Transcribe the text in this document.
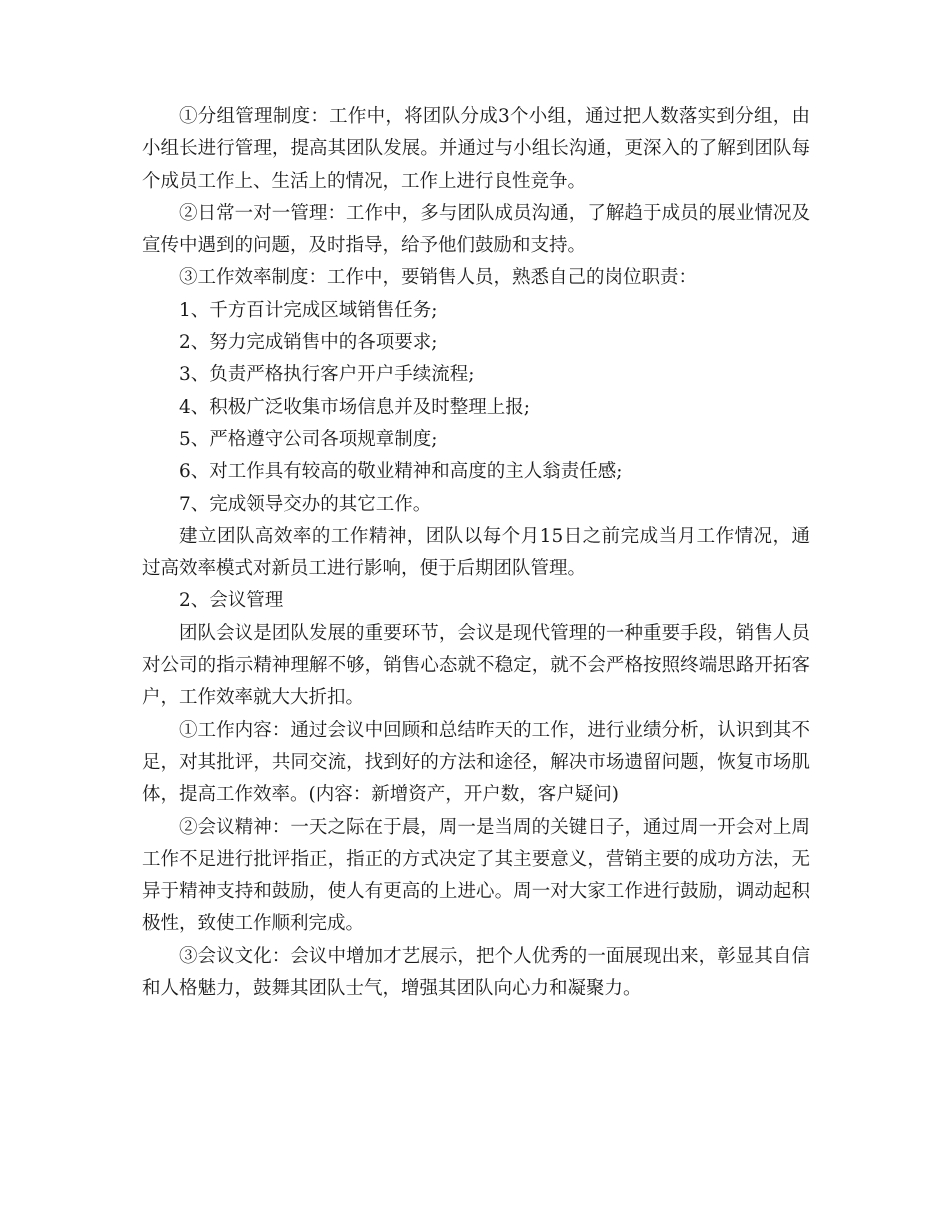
①分组管理制度：工作中，将团队分成3个小组，通过把人数落实到分组，由小组长进行管理，提高其团队发展。并通过与小组长沟通，更深入的了解到团队每个成员工作上、生活上的情况，工作上进行良性竞争。

②日常一对一管理：工作中，多与团队成员沟通，了解趋于成员的展业情况及宣传中遇到的问题，及时指导，给予他们鼓励和支持。

③工作效率制度：工作中，要销售人员，熟悉自己的岗位职责：

1、千方百计完成区域销售任务;

2、努力完成销售中的各项要求;

3、负责严格执行客户开户手续流程;

4、积极广泛收集市场信息并及时整理上报;

5、严格遵守公司各项规章制度;

6、对工作具有较高的敬业精神和高度的主人翁责任感;

7、完成领导交办的其它工作。

建立团队高效率的工作精神，团队以每个月15日之前完成当月工作情况，通过高效率模式对新员工进行影响，便于后期团队管理。

2、会议管理

团队会议是团队发展的重要环节，会议是现代管理的一种重要手段，销售人员对公司的指示精神理解不够，销售心态就不稳定，就不会严格按照终端思路开拓客户，工作效率就大大折扣。

①工作内容：通过会议中回顾和总结昨天的工作，进行业绩分析，认识到其不足，对其批评，共同交流，找到好的方法和途径，解决市场遗留问题，恢复市场肌体，提高工作效率。(内容：新增资产，开户数，客户疑问)

②会议精神：一天之际在于晨，周一是当周的关键日子，通过周一开会对上周工作不足进行批评指正，指正的方式决定了其主要意义，营销主要的成功方法，无异于精神支持和鼓励，使人有更高的上进心。周一对大家工作进行鼓励，调动起积极性，致使工作顺利完成。

③会议文化：会议中增加才艺展示，把个人优秀的一面展现出来，彰显其自信和人格魅力，鼓舞其团队士气，增强其团队向心力和凝聚力。
